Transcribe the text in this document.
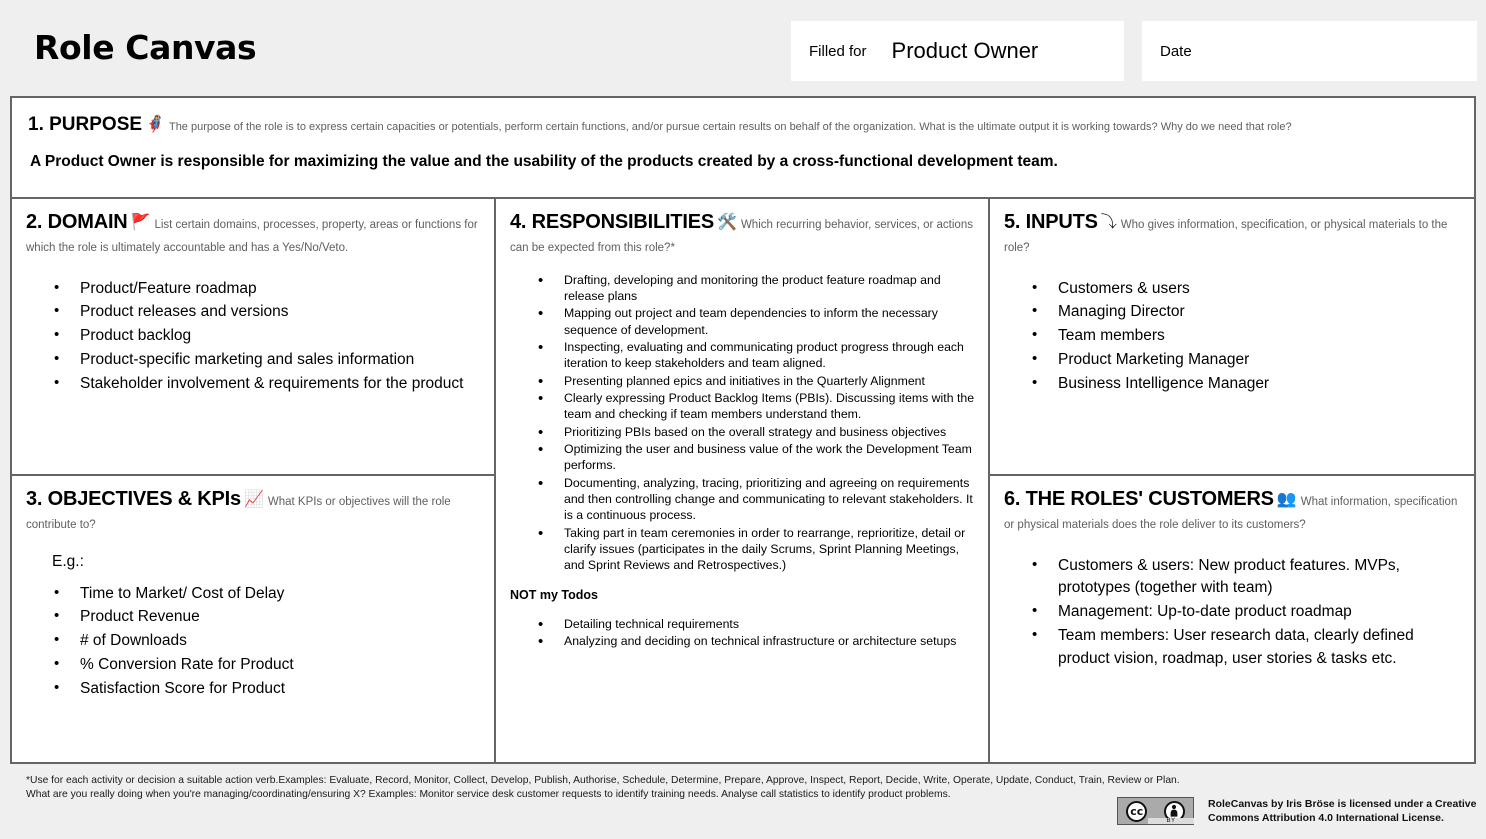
Role Canvas	Filled for Product Owner	Date
1. PURPOSE 🦸‍♀️ The purpose of the role is to express certain capacities or potentials, perform certain functions, and/or pursue certain results on behalf of the organization. What is the ultimate output it is working towards? Why do we need that role?
A Product Owner is responsible for maximizing the value and the usability of the products created by a cross-functional development team.
2. DOMAIN 🚩 List certain domains, processes, property, areas or functions for which the role is ultimately accountable and has a Yes/No/Veto.
• Product/Feature roadmap
• Product releases and versions
• Product backlog
• Product-specific marketing and sales information
• Stakeholder involvement & requirements for the product
3. OBJECTIVES & KPIs 📈 What KPIs or objectives will the role contribute to?
E.g.:
• Time to Market/ Cost of Delay
• Product Revenue
• # of Downloads
• % Conversion Rate for Product
• Satisfaction Score for Product
4. RESPONSIBILITIES 🛠️ Which recurring behavior, services, or actions can be expected from this role?*
• Drafting, developing and monitoring the product feature roadmap and release plans
• Mapping out project and team dependencies to inform the necessary sequence of development.
• Inspecting, evaluating and communicating product progress through each iteration to keep stakeholders and team aligned.
• Presenting planned epics and initiatives in the Quarterly Alignment
• Clearly expressing Product Backlog Items (PBIs). Discussing items with the team and checking if team members understand them.
• Prioritizing PBIs based on the overall strategy and business objectives
• Optimizing the user and business value of the work the Development Team performs.
• Documenting, analyzing, tracing, prioritizing and agreeing on requirements and then controlling change and communicating to relevant stakeholders. It is a continuous process.
• Taking part in team ceremonies in order to rearrange, reprioritize, detail or clarify issues (participates in the daily Scrums, Sprint Planning Meetings, and Sprint Reviews and Retrospectives.)
NOT my Todos
• Detailing technical requirements
• Analyzing and deciding on technical infrastructure or architecture setups
5. INPUTS ⤵ Who gives information, specification, or physical materials to the role?
• Customers & users
• Managing Director
• Team members
• Product Marketing Manager
• Business Intelligence Manager
6. THE ROLES' CUSTOMERS 👥 What information, specification or physical materials does the role deliver to its customers?
• Customers & users: New product features. MVPs, prototypes (together with team)
• Management: Up-to-date product roadmap
• Team members: User research data, clearly defined product vision, roadmap, user stories & tasks etc.
*Use for each activity or decision a suitable action verb.Examples: Evaluate, Record, Monitor, Collect, Develop, Publish, Authorise, Schedule, Determine, Prepare, Approve, Inspect, Report, Decide, Write, Operate, Update, Conduct, Train, Review or Plan.
What are you really doing when you're managing/coordinating/ensuring X? Examples: Monitor service desk customer requests to identify training needs. Analyse call statistics to identify product problems.
cc
BY
RoleCanvas by Iris Bröse is licensed under a Creative Commons Attribution 4.0 International License.
